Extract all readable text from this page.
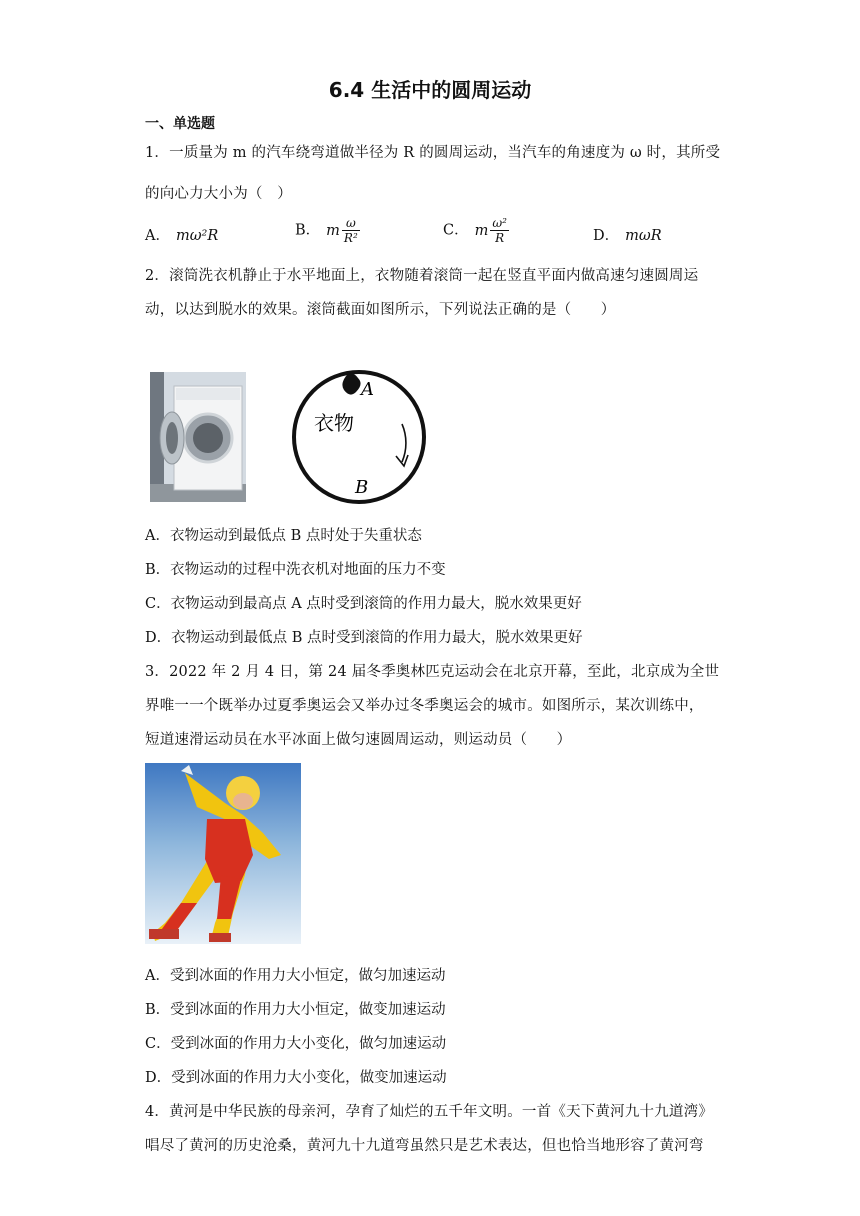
6.4 生活中的圆周运动
一、单选题
1．一质量为 m 的汽车绕弯道做半径为 R 的圆周运动，当汽车的角速度为 ω 时，其所受
的向心力大小为（　）
A． mω²R	B． m $\frac{\omega}{\text{R²}}$	C． m $\frac{\text{ω²}}{R}$	D． mωR
2．滚筒洗衣机静止于水平地面上，衣物随着滚筒一起在竖直平面内做高速匀速圆周运
动，以达到脱水的效果。滚筒截面如图所示，下列说法正确的是（　　）
A
衣物
B
A．衣物运动到最低点 B 点时处于失重状态
B．衣物运动的过程中洗衣机对地面的压力不变
C．衣物运动到最高点 A 点时受到滚筒的作用力最大，脱水效果更好
D．衣物运动到最低点 B 点时受到滚筒的作用力最大，脱水效果更好
3．2022 年 2 月 4 日，第 24 届冬季奥林匹克运动会在北京开幕，至此，北京成为全世
界唯一一个既举办过夏季奥运会又举办过冬季奥运会的城市。如图所示，某次训练中，
短道速滑运动员在水平冰面上做匀速圆周运动，则运动员（　　）
A．受到冰面的作用力大小恒定，做匀加速运动
B．受到冰面的作用力大小恒定，做变加速运动
C．受到冰面的作用力大小变化，做匀加速运动
D．受到冰面的作用力大小变化，做变加速运动
4．黄河是中华民族的母亲河，孕育了灿烂的五千年文明。一首《天下黄河九十九道湾》
唱尽了黄河的历史沧桑，黄河九十九道弯虽然只是艺术表达，但也恰当地形容了黄河弯
